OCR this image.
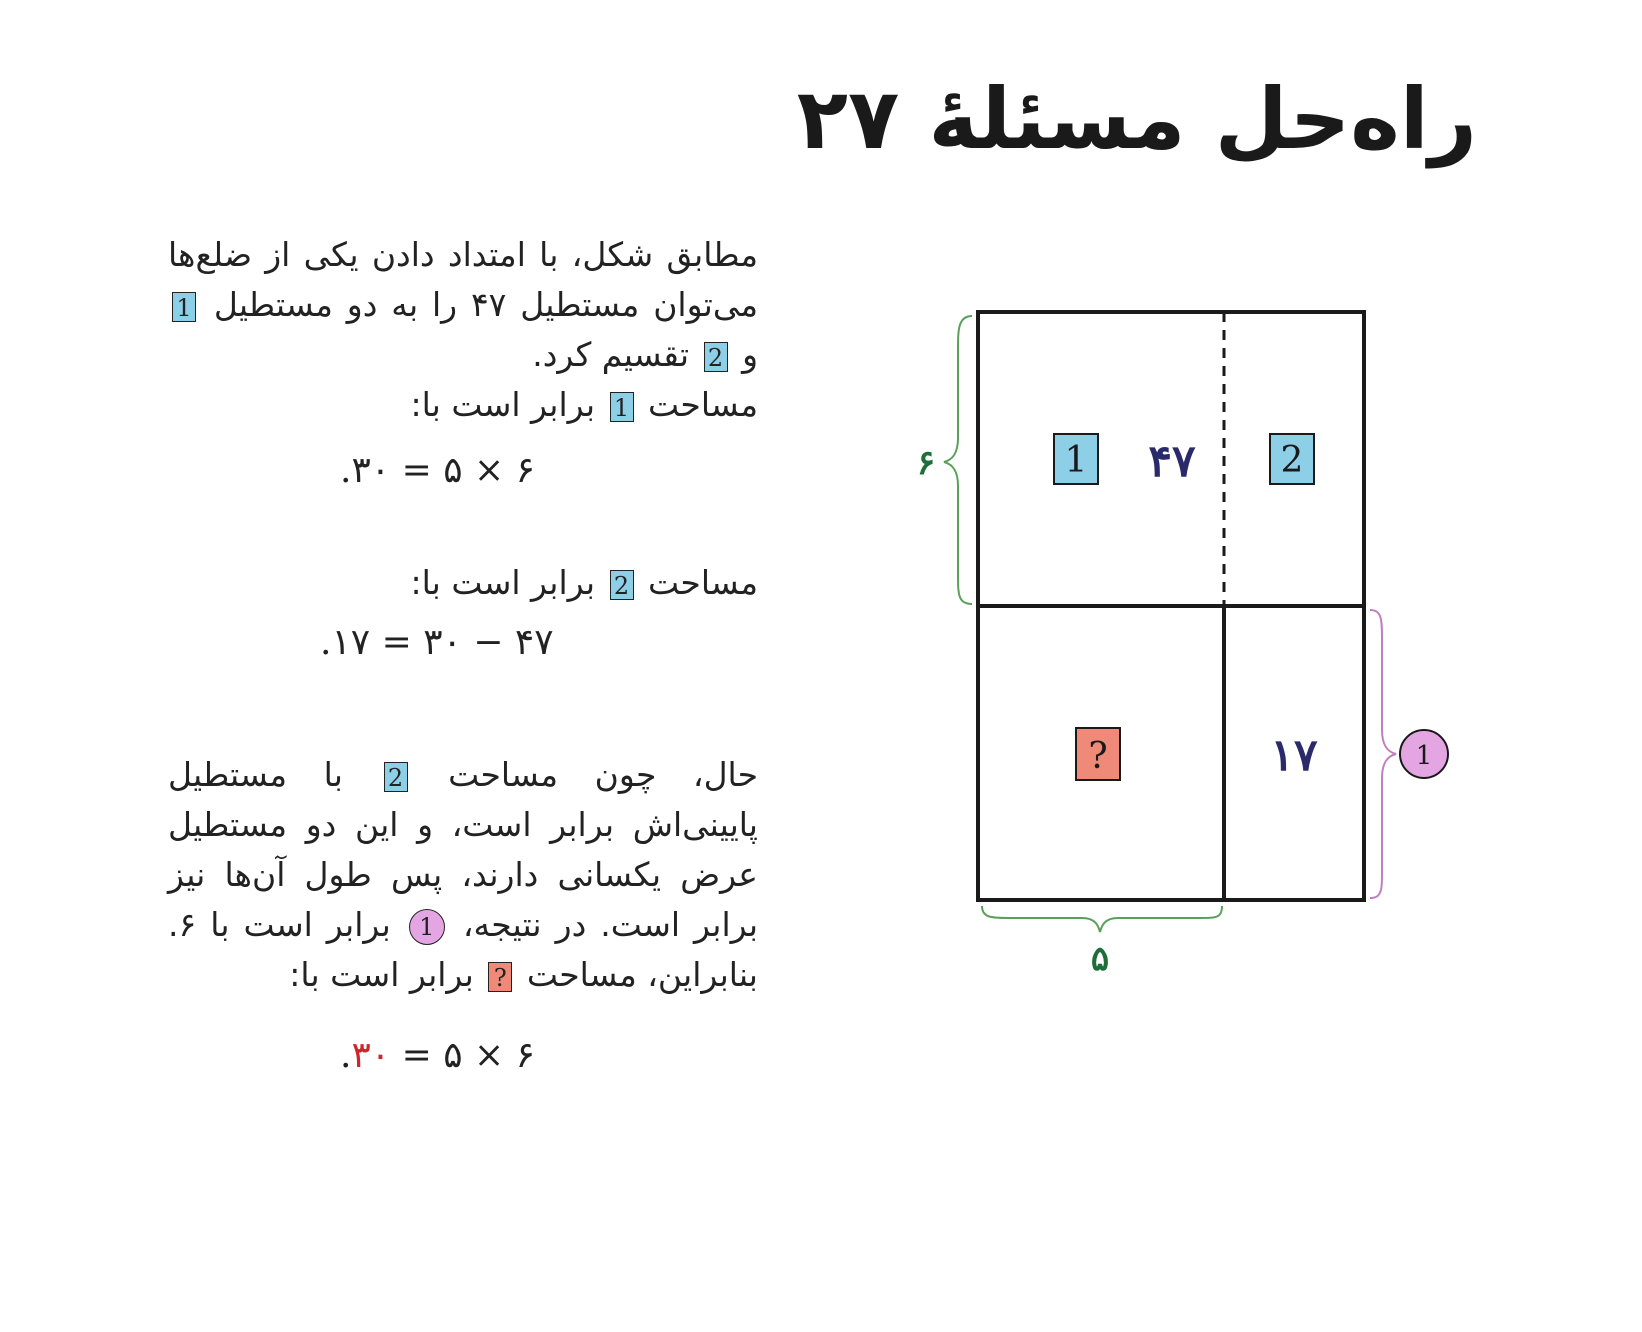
راه‌حل مسئلهٔ ۲۷
مطابق شکل، با امتداد دادن یکی از ضلع‌ها می‌توان مستطیل ۴۷ را به دو مستطیل 1 و 2 تقسیم کرد.
مساحت 1 برابر است با:
۶ × ۵ = ۳۰.
مساحت 2 برابر است با:
۴۷ − ۳۰ = ۱۷.
حال، چون مساحت 2 با مستطیل پایینی‌اش برابر است، و این دو مستطیل عرض یکسانی دارند، پس طول آن‌ها نیز برابر است. در نتیجه، 1 برابر است با ۶. بنابراین، مساحت ? برابر است با:
۶ × ۵ = ۳۰.
۶
۵
1
1 ۴۷ 2
?	۱۷
